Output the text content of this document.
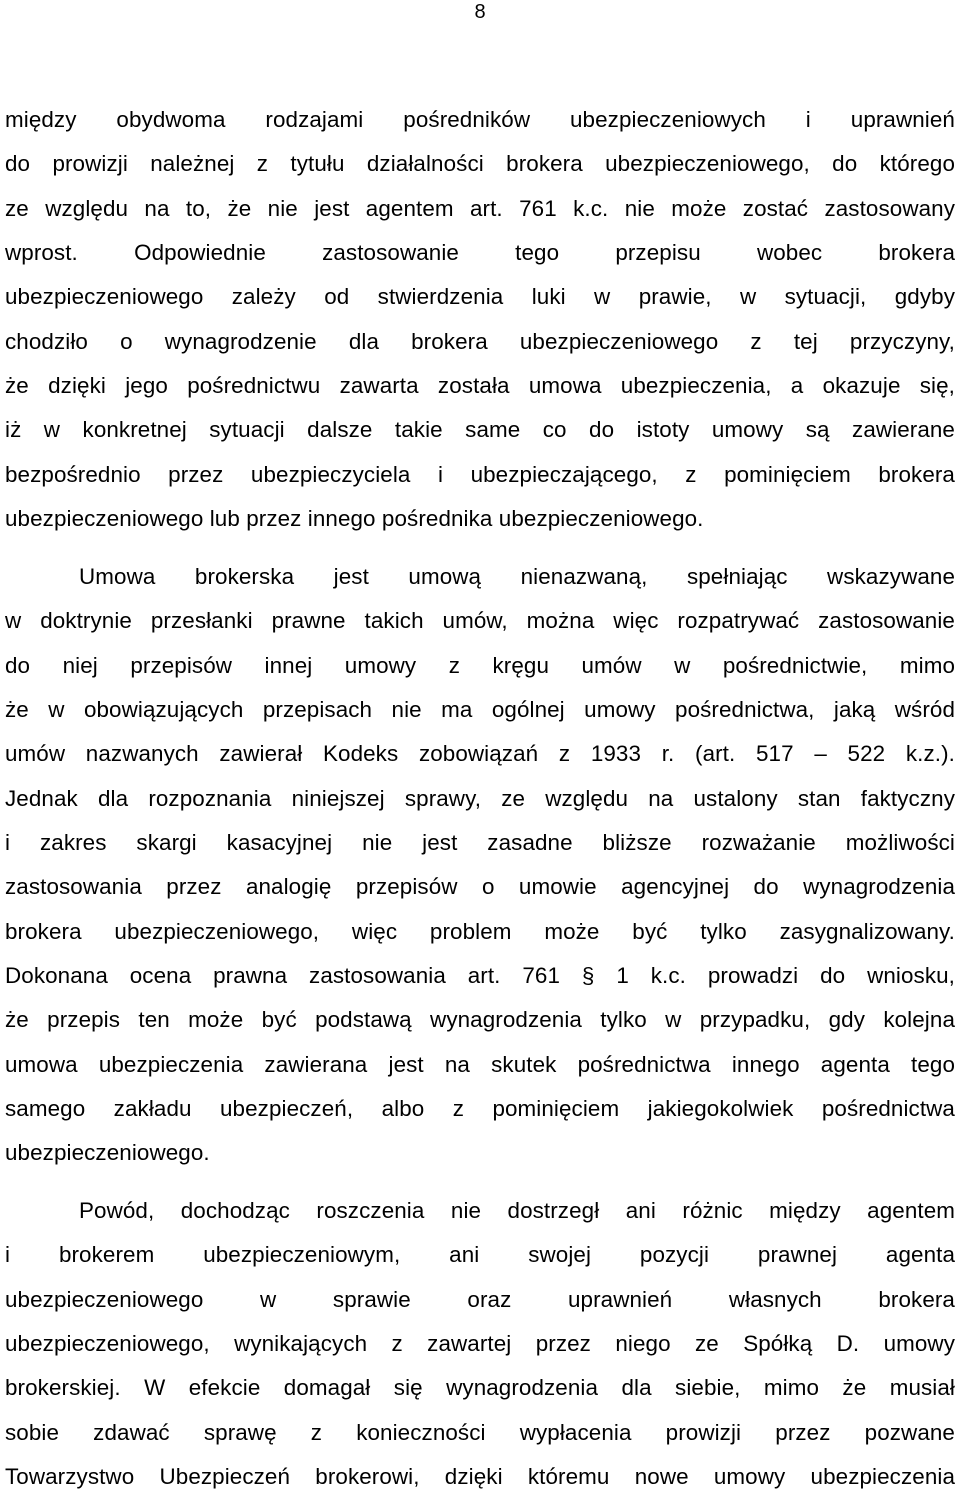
8
między obydwoma rodzajami pośredników ubezpieczeniowych i uprawnień
do prowizji należnej z tytułu działalności brokera ubezpieczeniowego, do którego
ze względu na to, że nie jest agentem art. 761 k.c. nie może zostać zastosowany
wprost. Odpowiednie zastosowanie tego przepisu wobec brokera
ubezpieczeniowego zależy od stwierdzenia luki w prawie, w sytuacji, gdyby
chodziło o wynagrodzenie dla brokera ubezpieczeniowego z tej przyczyny,
że dzięki jego pośrednictwu zawarta została umowa ubezpieczenia, a okazuje się,
iż w konkretnej sytuacji dalsze takie same co do istoty umowy są zawierane
bezpośrednio przez ubezpieczyciela i ubezpieczającego, z pominięciem brokera
ubezpieczeniowego lub przez innego pośrednika ubezpieczeniowego.
Umowa brokerska jest umową nienazwaną, spełniając wskazywane
w doktrynie przesłanki prawne takich umów, można więc rozpatrywać zastosowanie
do niej przepisów innej umowy z kręgu umów w pośrednictwie, mimo
że w obowiązujących przepisach nie ma ogólnej umowy pośrednictwa, jaką wśród
umów nazwanych zawierał Kodeks zobowiązań z 1933 r. (art. 517 – 522 k.z.).
Jednak dla rozpoznania niniejszej sprawy, ze względu na ustalony stan faktyczny
i zakres skargi kasacyjnej nie jest zasadne bliższe rozważanie możliwości
zastosowania przez analogię przepisów o umowie agencyjnej do wynagrodzenia
brokera ubezpieczeniowego, więc problem może być tylko zasygnalizowany.
Dokonana ocena prawna zastosowania art. 761 § 1 k.c. prowadzi do wniosku,
że przepis ten może być podstawą wynagrodzenia tylko w przypadku, gdy kolejna
umowa ubezpieczenia zawierana jest na skutek pośrednictwa innego agenta tego
samego zakładu ubezpieczeń, albo z pominięciem jakiegokolwiek pośrednictwa
ubezpieczeniowego.
Powód, dochodząc roszczenia nie dostrzegł ani różnic między agentem
i brokerem ubezpieczeniowym, ani swojej pozycji prawnej agenta
ubezpieczeniowego w sprawie oraz uprawnień własnych brokera
ubezpieczeniowego, wynikających z zawartej przez niego ze Spółką D. umowy
brokerskiej. W efekcie domagał się wynagrodzenia dla siebie, mimo że musiał
sobie zdawać sprawę z konieczności wypłacenia prowizji przez pozwane
Towarzystwo Ubezpieczeń brokerowi, dzięki któremu nowe umowy ubezpieczenia
